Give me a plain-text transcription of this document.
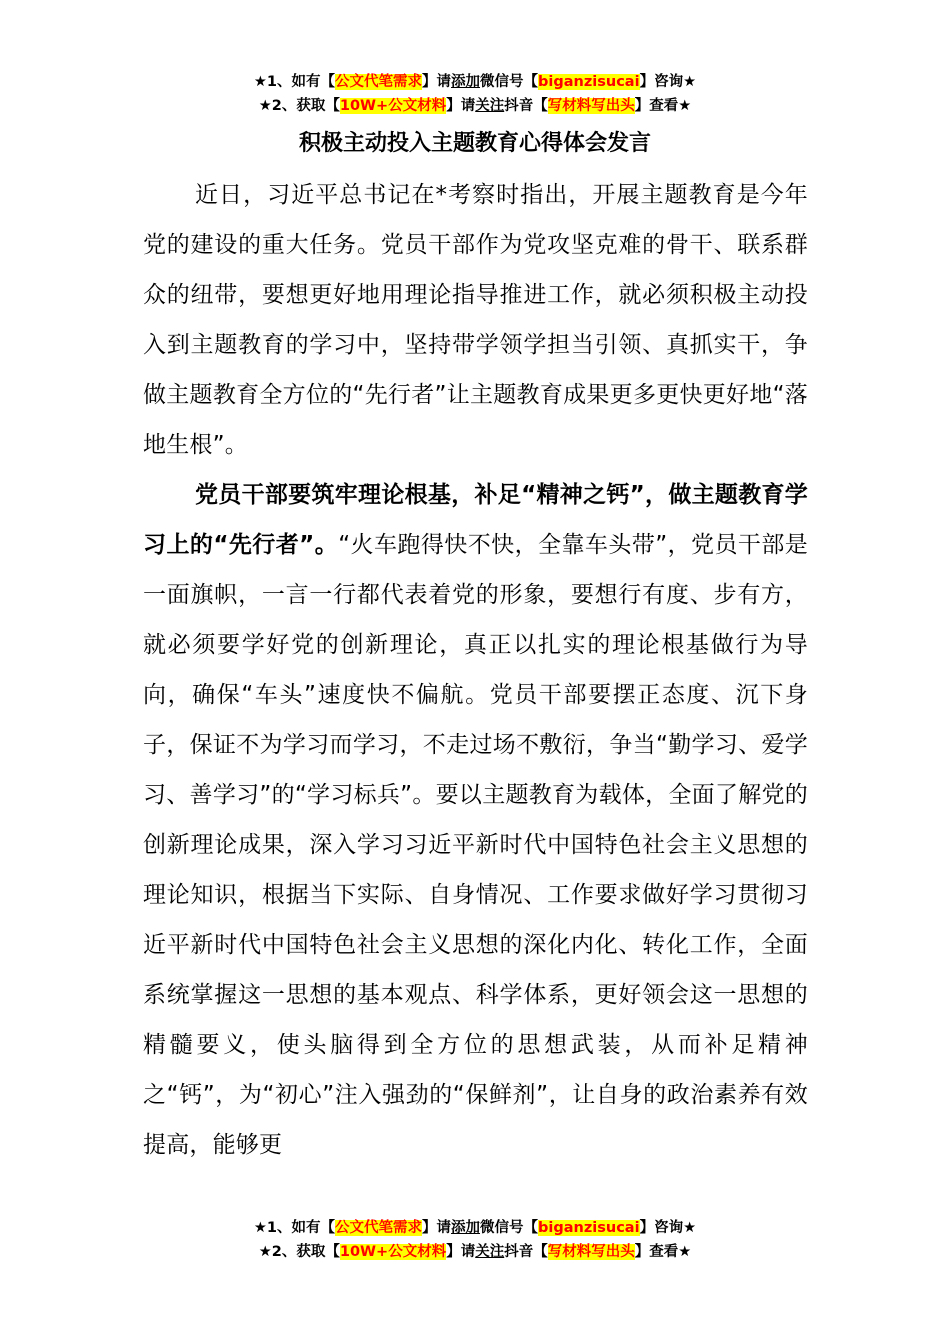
★1、如有【公文代笔需求】请添加微信号【biganzisucai】咨询★
★2、获取【10W+公文材料】请关注抖音【写材料写出头】查看★
积极主动投入主题教育心得体会发言

近日，习近平总书记在*考察时指出，开展主题教育是今年党的建设的重大任务。党员干部作为党攻坚克难的骨干、联系群众的纽带，要想更好地用理论指导推进工作，就必须积极主动投入到主题教育的学习中，坚持带学领学担当引领、真抓实干，争做主题教育全方位的“先行者”让主题教育成果更多更快更好地“落地生根”。

党员干部要筑牢理论根基，补足“精神之钙”，做主题教育学习上的“先行者”。“火车跑得快不快，全靠车头带”，党员干部是一面旗帜，一言一行都代表着党的形象，要想行有度、步有方，就必须要学好党的创新理论，真正以扎实的理论根基做行为导向，确保“车头”速度快不偏航。党员干部要摆正态度、沉下身子，保证不为学习而学习，不走过场不敷衍，争当“勤学习、爱学习、善学习”的“学习标兵”。要以主题教育为载体，全面了解党的创新理论成果，深入学习习近平新时代中国特色社会主义思想的理论知识，根据当下实际、自身情况、工作要求做好学习贯彻习近平新时代中国特色社会主义思想的深化内化、转化工作，全面系统掌握这一思想的基本观点、科学体系，更好领会这一思想的精髓要义，使头脑得到全方位的思想武装，从而补足精神之“钙”，为“初心”注入强劲的“保鲜剂”，让自身的政治素养有效提高，能够更

★1、如有【公文代笔需求】请添加微信号【biganzisucai】咨询★
★2、获取【10W+公文材料】请关注抖音【写材料写出头】查看★
